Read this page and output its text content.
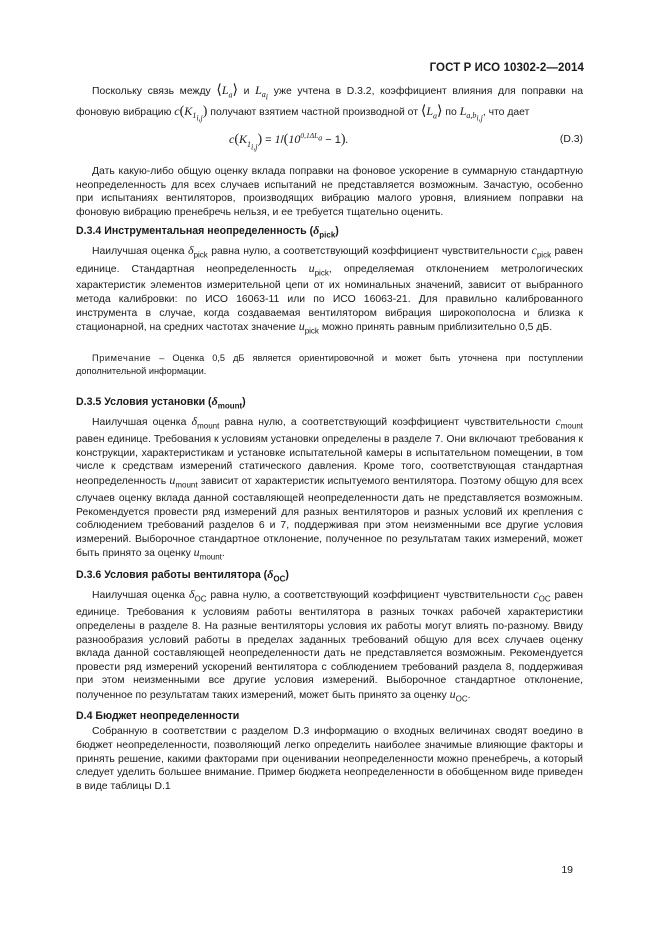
ГОСТ Р ИСО 10302-2—2014

Поскольку связь между $⟨L_a⟩$ и $L_{a_i}$ уже учтена в D.3.2, коэффициент влияния для поправки на фоновую вибрацию $c(K_{1_{i,j}})$ получают взятием частной производной от $⟨L_a⟩$ по $L_{a,b_{i,j}}$, что дает

$c(K_{1_{i,j}}) = 1/(10^{0,1\Delta L_a} - 1)$.	(D.3)

Дать какую-либо общую оценку вклада поправки на фоновое ускорение в суммарную стандартную неопределенность для всех случаев испытаний не представляется возможным. Зачастую, особенно при испытаниях вентиляторов, производящих вибрацию малого уровня, влиянием поправки на фоновую вибрацию пренебречь нельзя, и ее требуется тщательно оценить.

D.3.4 Инструментальная неопределенность $(\delta_{pick})$

Наилучшая оценка $\delta_{pick}$ равна нулю, а соответствующий коэффициент чувствительности $c_{pick}$ равен единице. Стандартная неопределенность $u_{pick}$, определяемая отклонением метрологических характеристик элементов измерительной цепи от их номинальных значений, зависит от выбранного метода калибровки: по ИСО 16063-11 или по ИСО 16063-21. Для правильно калиброванного инструмента в случае, когда создаваемая вентилятором вибрация широкополосна и близка к стационарной, на средних частотах значение $u_{pick}$ можно принять равным приблизительно 0,5 дБ.

Примечание – Оценка 0,5 дБ является ориентировочной и может быть уточнена при поступлении дополнительной информации.

D.3.5 Условия установки $(\delta_{mount})$

Наилучшая оценка $\delta_{mount}$ равна нулю, а соответствующий коэффициент чувствительности $c_{mount}$ равен единице. Требования к условиям установки определены в разделе 7. Они включают требования к конструкции, характеристикам и установке испытательной камеры в испытательном помещении, в том числе к средствам измерений статического давления. Кроме того, соответствующая стандартная неопределенность $u_{mount}$ зависит от характеристик испытуемого вентилятора. Поэтому общую для всех случаев оценку вклада данной составляющей неопределенности дать не представляется возможным. Рекомендуется провести ряд измерений для разных вентиляторов и разных условий их крепления с соблюдением требований разделов 6 и 7, поддерживая при этом неизменными все другие условия измерений. Выборочное стандартное отклонение, полученное по результатам таких измерений, может быть принято за оценку $u_{mount}$.

D.3.6 Условия работы вентилятора $(\delta_{OC})$

Наилучшая оценка $\delta_{OC}$ равна нулю, а соответствующий коэффициент чувствительности $c_{OC}$ равен единице. Требования к условиям работы вентилятора в разных точках рабочей характеристики определены в разделе 8. На разные вентиляторы условия их работы могут влиять по-разному. Ввиду разнообразия условий работы в пределах заданных требований общую для всех случаев оценку вклада данной составляющей неопределенности дать не представляется возможным. Рекомендуется провести ряд измерений ускорений вентилятора с соблюдением требований раздела 8, поддерживая при этом неизменными все другие условия измерений. Выборочное стандартное отклонение, полученное по результатам таких измерений, может быть принято за оценку $u_{OC}$.

D.4 Бюджет неопределенности

Собранную в соответствии с разделом D.3 информацию о входных величинах сводят воедино в бюджет неопределенности, позволяющий легко определить наиболее значимые влияющие факторы и принять решение, какими факторами при оценивании неопределенности можно пренебречь, а который следует уделить большее внимание. Пример бюджета неопределенности в обобщенном виде приведен в виде таблицы D.1

19
